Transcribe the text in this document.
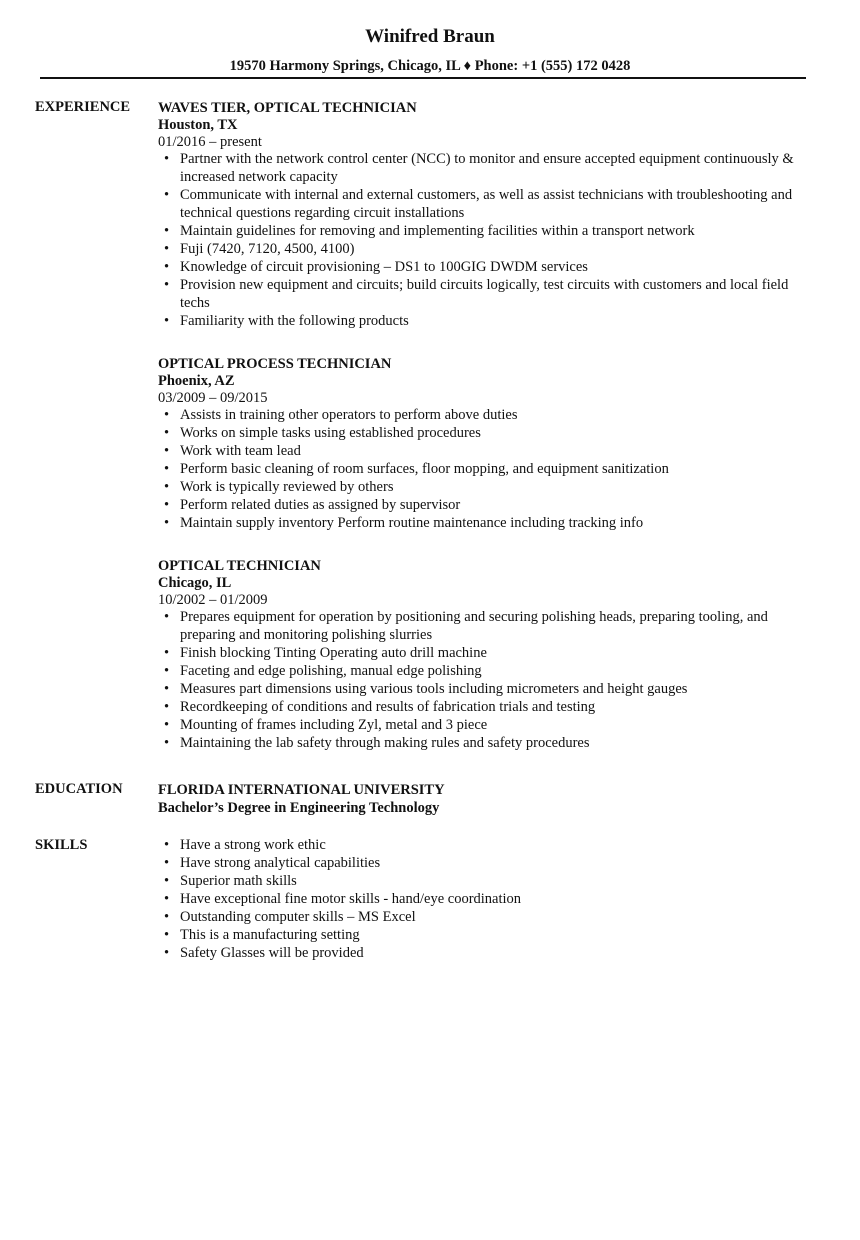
Winifred Braun
19570 Harmony Springs, Chicago, IL ♦ Phone: +1 (555) 172 0428
EXPERIENCE WAVES TIER, OPTICAL TECHNICIAN
Houston, TX
01/2016 – present
• Partner with the network control center (NCC) to monitor and ensure accepted equipment continuously & increased network capacity
• Communicate with internal and external customers, as well as assist technicians with troubleshooting and technical questions regarding circuit installations
• Maintain guidelines for removing and implementing facilities within a transport network
• Fuji (7420, 7120, 4500, 4100)
• Knowledge of circuit provisioning – DS1 to 100GIG DWDM services
• Provision new equipment and circuits; build circuits logically, test circuits with customers and local field techs
• Familiarity with the following products
OPTICAL PROCESS TECHNICIAN
Phoenix, AZ
03/2009 – 09/2015
• Assists in training other operators to perform above duties
• Works on simple tasks using established procedures
• Work with team lead
• Perform basic cleaning of room surfaces, floor mopping, and equipment sanitization
• Work is typically reviewed by others
• Perform related duties as assigned by supervisor
• Maintain supply inventory Perform routine maintenance including tracking info
OPTICAL TECHNICIAN
Chicago, IL
10/2002 – 01/2009
• Prepares equipment for operation by positioning and securing polishing heads, preparing tooling, and preparing and monitoring polishing slurries
• Finish blocking Tinting Operating auto drill machine
• Faceting and edge polishing, manual edge polishing
• Measures part dimensions using various tools including micrometers and height gauges
• Recordkeeping of conditions and results of fabrication trials and testing
• Mounting of frames including Zyl, metal and 3 piece
• Maintaining the lab safety through making rules and safety procedures
EDUCATION FLORIDA INTERNATIONAL UNIVERSITY
Bachelor’s Degree in Engineering Technology
SKILLS	• Have a strong work ethic
• Have strong analytical capabilities
• Superior math skills
• Have exceptional fine motor skills - hand/eye coordination
• Outstanding computer skills – MS Excel
• This is a manufacturing setting
• Safety Glasses will be provided
